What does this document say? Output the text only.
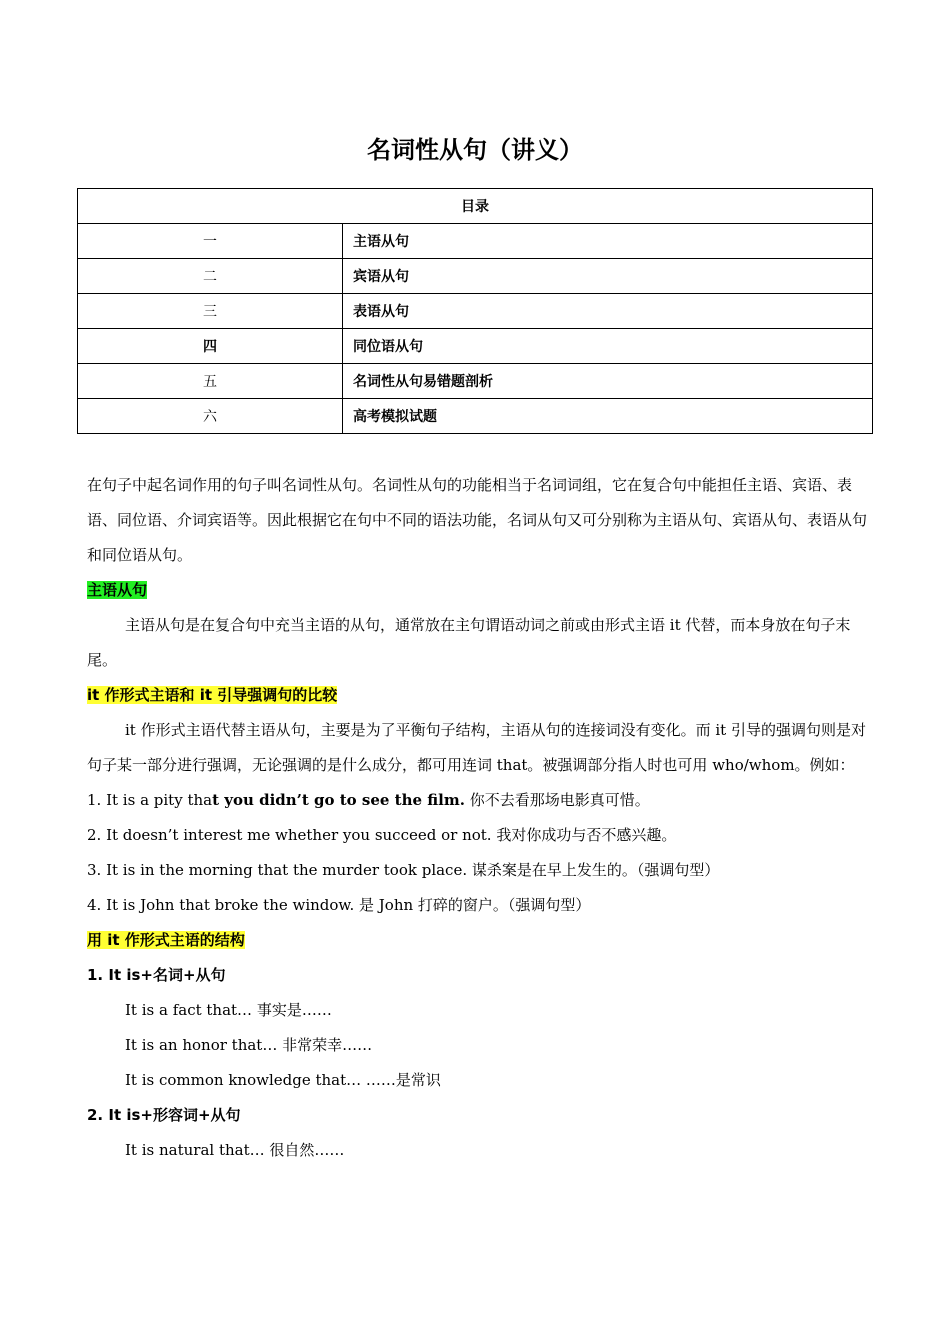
名词性从句（讲义）
目录	
一	主语从句
二	宾语从句
三	表语从句
四	同位语从句
五	名词性从句易错题剖析
六	高考模拟试题

在句子中起名词作用的句子叫名词性从句。名词性从句的功能相当于名词词组，它在复合句中能担任主语、宾语、表语、同位语、介词宾语等。因此根据它在句中不同的语法功能，名词从句又可分别称为主语从句、宾语从句、表语从句和同位语从句。

主语从句

主语从句是在复合句中充当主语的从句，通常放在主句谓语动词之前或由形式主语 it 代替，而本身放在句子末尾。

it 作形式主语和 it 引导强调句的比较

it 作形式主语代替主语从句，主要是为了平衡句子结构，主语从句的连接词没有变化。而 it 引导的强调句则是对句子某一部分进行强调，无论强调的是什么成分，都可用连词 that。被强调部分指人时也可用 who/whom。例如：

1. It is a pity that you didn’t go to see the film. 你不去看那场电影真可惜。

2. It doesn’t interest me whether you succeed or not. 我对你成功与否不感兴趣。

3. It is in the morning that the murder took place. 谋杀案是在早上发生的。（强调句型）

4. It is John that broke the window. 是 John 打碎的窗户。（强调句型）

用 it 作形式主语的结构

1. It is+名词+从句

It is a fact that… 事实是……

It is an honor that… 非常荣幸……

It is common knowledge that… ……是常识

2. It is+形容词+从句

It is natural that… 很自然……
